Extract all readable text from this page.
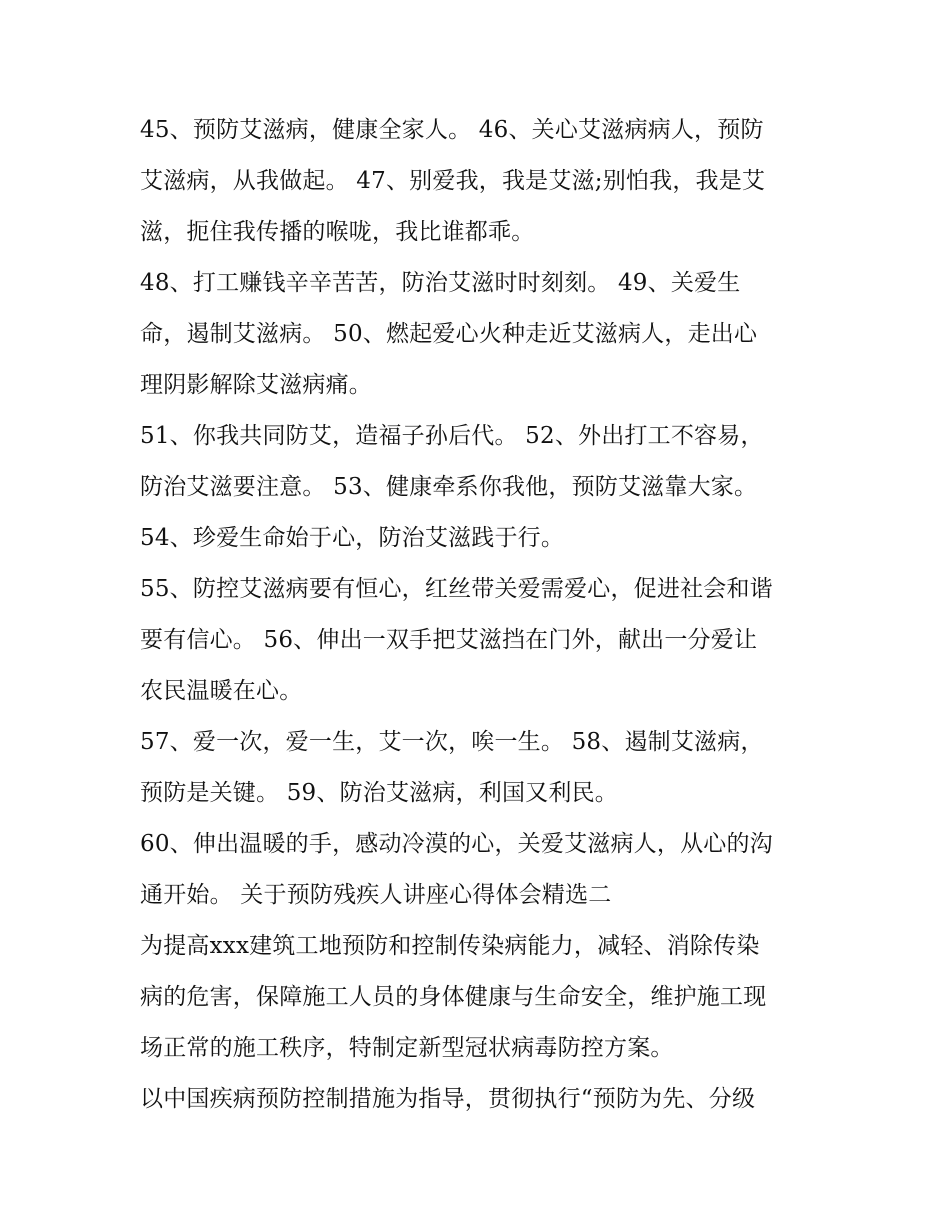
45、预防艾滋病，健康全家人。 46、关心艾滋病病人，预防
艾滋病，从我做起。 47、别爱我，我是艾滋;别怕我，我是艾
滋，扼住我传播的喉咙，我比谁都乖。
48、打工赚钱辛辛苦苦，防治艾滋时时刻刻。 49、关爱生
命，遏制艾滋病。 50、燃起爱心火种走近艾滋病人，走出心
理阴影解除艾滋病痛。
51、你我共同防艾，造福子孙后代。 52、外出打工不容易，
防治艾滋要注意。 53、健康牵系你我他，预防艾滋靠大家。
54、珍爱生命始于心，防治艾滋践于行。
55、防控艾滋病要有恒心，红丝带关爱需爱心，促进社会和谐
要有信心。 56、伸出一双手把艾滋挡在门外，献出一分爱让
农民温暖在心。
57、爱一次，爱一生，艾一次，唉一生。 58、遏制艾滋病，
预防是关键。 59、防治艾滋病，利国又利民。
60、伸出温暖的手，感动冷漠的心，关爱艾滋病人，从心的沟
通开始。 关于预防残疾人讲座心得体会精选二
为提高xxx建筑工地预防和控制传染病能力，减轻、消除传染
病的危害，保障施工人员的身体健康与生命安全，维护施工现
场正常的施工秩序，特制定新型冠状病毒防控方案。
以中国疾病预防控制措施为指导，贯彻执行“预防为先、分级
